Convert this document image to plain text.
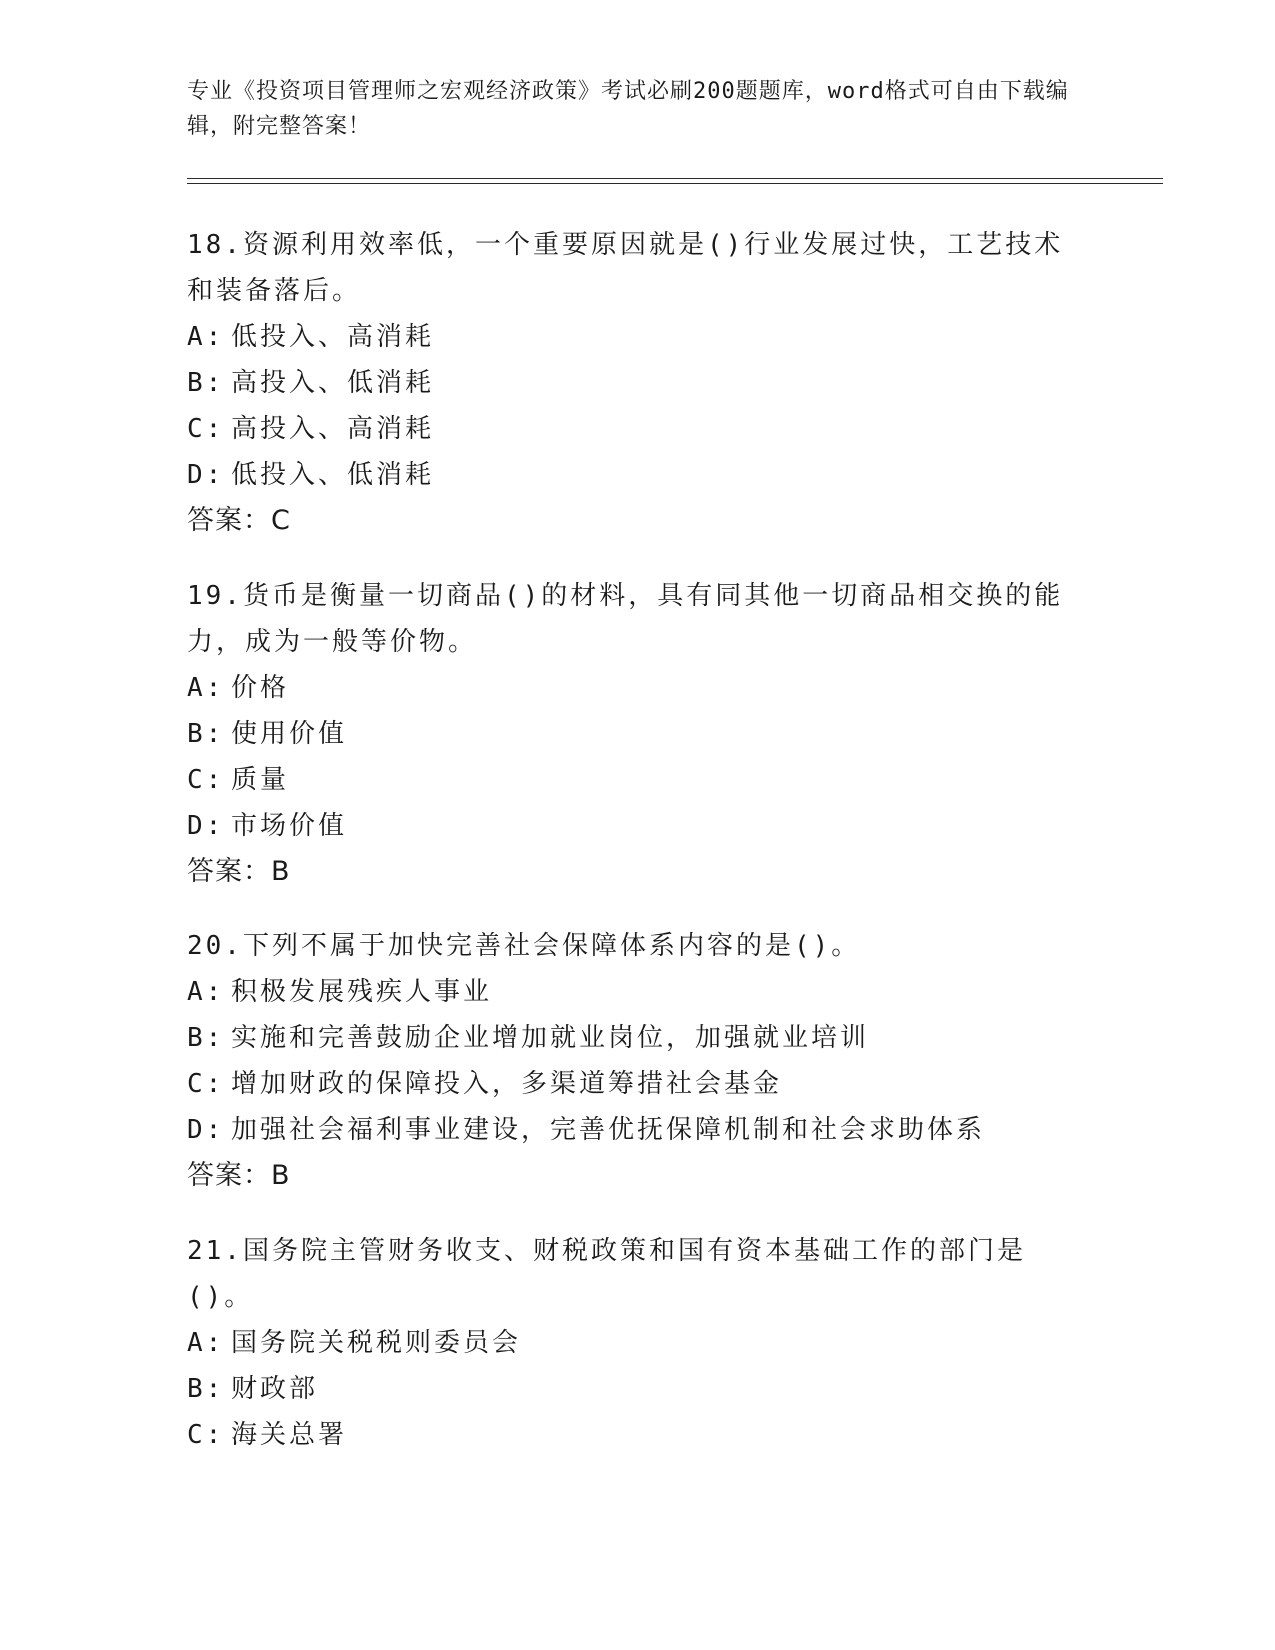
专业《投资项目管理师之宏观经济政策》考试必刷200题题库，word格式可自由下载编辑，附完整答案！

18.资源利用效率低，一个重要原因就是()行业发展过快，工艺技术和装备落后。

A: 低投入、高消耗

B: 高投入、低消耗

C: 高投入、高消耗

D: 低投入、低消耗

答案：C

19.货币是衡量一切商品()的材料，具有同其他一切商品相交换的能力，成为一般等价物。

A: 价格

B: 使用价值

C: 质量

D: 市场价值

答案：B

20.下列不属于加快完善社会保障体系内容的是()。

A: 积极发展残疾人事业

B: 实施和完善鼓励企业增加就业岗位，加强就业培训

C: 增加财政的保障投入，多渠道筹措社会基金

D: 加强社会福利事业建设，完善优抚保障机制和社会求助体系

答案：B

21.国务院主管财务收支、财税政策和国有资本基础工作的部门是()。

A: 国务院关税税则委员会

B: 财政部

C: 海关总署
